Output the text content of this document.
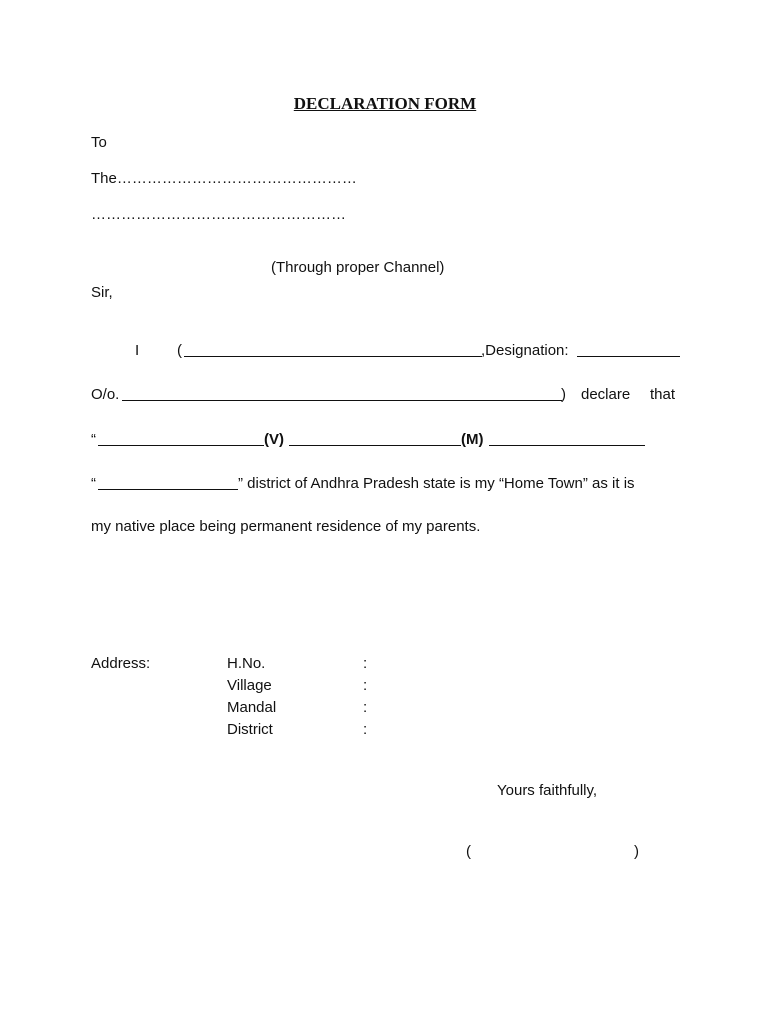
DECLARATION FORM
To
The…………………………………………
……………………………………………
(Through proper Channel)
Sir,
I	(	,Designation:
O/o.	) declare that
“	(V)	(M)
“	” district of Andhra Pradesh state is my “Home Town” as it is
my native place being permanent residence of my parents.
Address:	H.No.	:
Village	:
Mandal	:
District	:
Yours faithfully,
(	)
